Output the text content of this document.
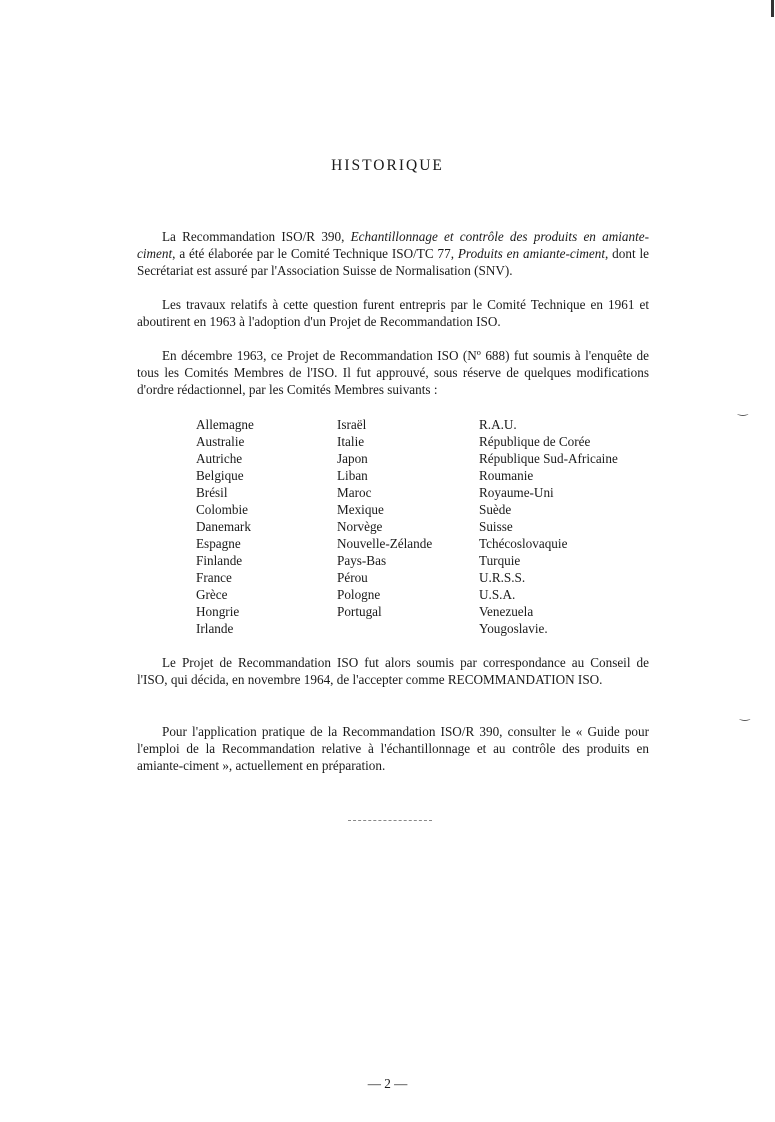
‿
‿
HISTORIQUE
La Recommandation ISO/R 390, Echantillonnage et contrôle des produits en amiante-ciment, a été élaborée par le Comité Technique ISO/TC 77, Produits en amiante-ciment, dont le Secrétariat est assuré par l'Association Suisse de Normalisation (SNV).
Les travaux relatifs à cette question furent entrepris par le Comité Technique en 1961 et aboutirent en 1963 à l'adoption d'un Projet de Recommandation ISO.
En décembre 1963, ce Projet de Recommandation ISO (Nº 688) fut soumis à l'enquête de tous les Comités Membres de l'ISO. Il fut approuvé, sous réserve de quelques modifications d'ordre rédactionnel, par les Comités Membres suivants :
Allemagne
Australie
Autriche
Belgique
Brésil
Colombie
Danemark
Espagne
Finlande
France
Grèce
Hongrie
Irlande
Israël
Italie
Japon
Liban
Maroc
Mexique
Norvège
Nouvelle-Zélande
Pays-Bas
Pérou
Pologne
Portugal
R.A.U.
République de Corée
République Sud-Africaine
Roumanie
Royaume-Uni
Suède
Suisse
Tchécoslovaquie
Turquie
U.R.S.S.
U.S.A.
Venezuela
Yougoslavie.
Le Projet de Recommandation ISO fut alors soumis par correspondance au Conseil de l'ISO, qui décida, en novembre 1964, de l'accepter comme RECOMMANDATION ISO.
Pour l'application pratique de la Recommandation ISO/R 390, consulter le « Guide pour l'emploi de la Recommandation relative à l'échantillonnage et au contrôle des produits en amiante-ciment », actuellement en préparation.
— 2 —
